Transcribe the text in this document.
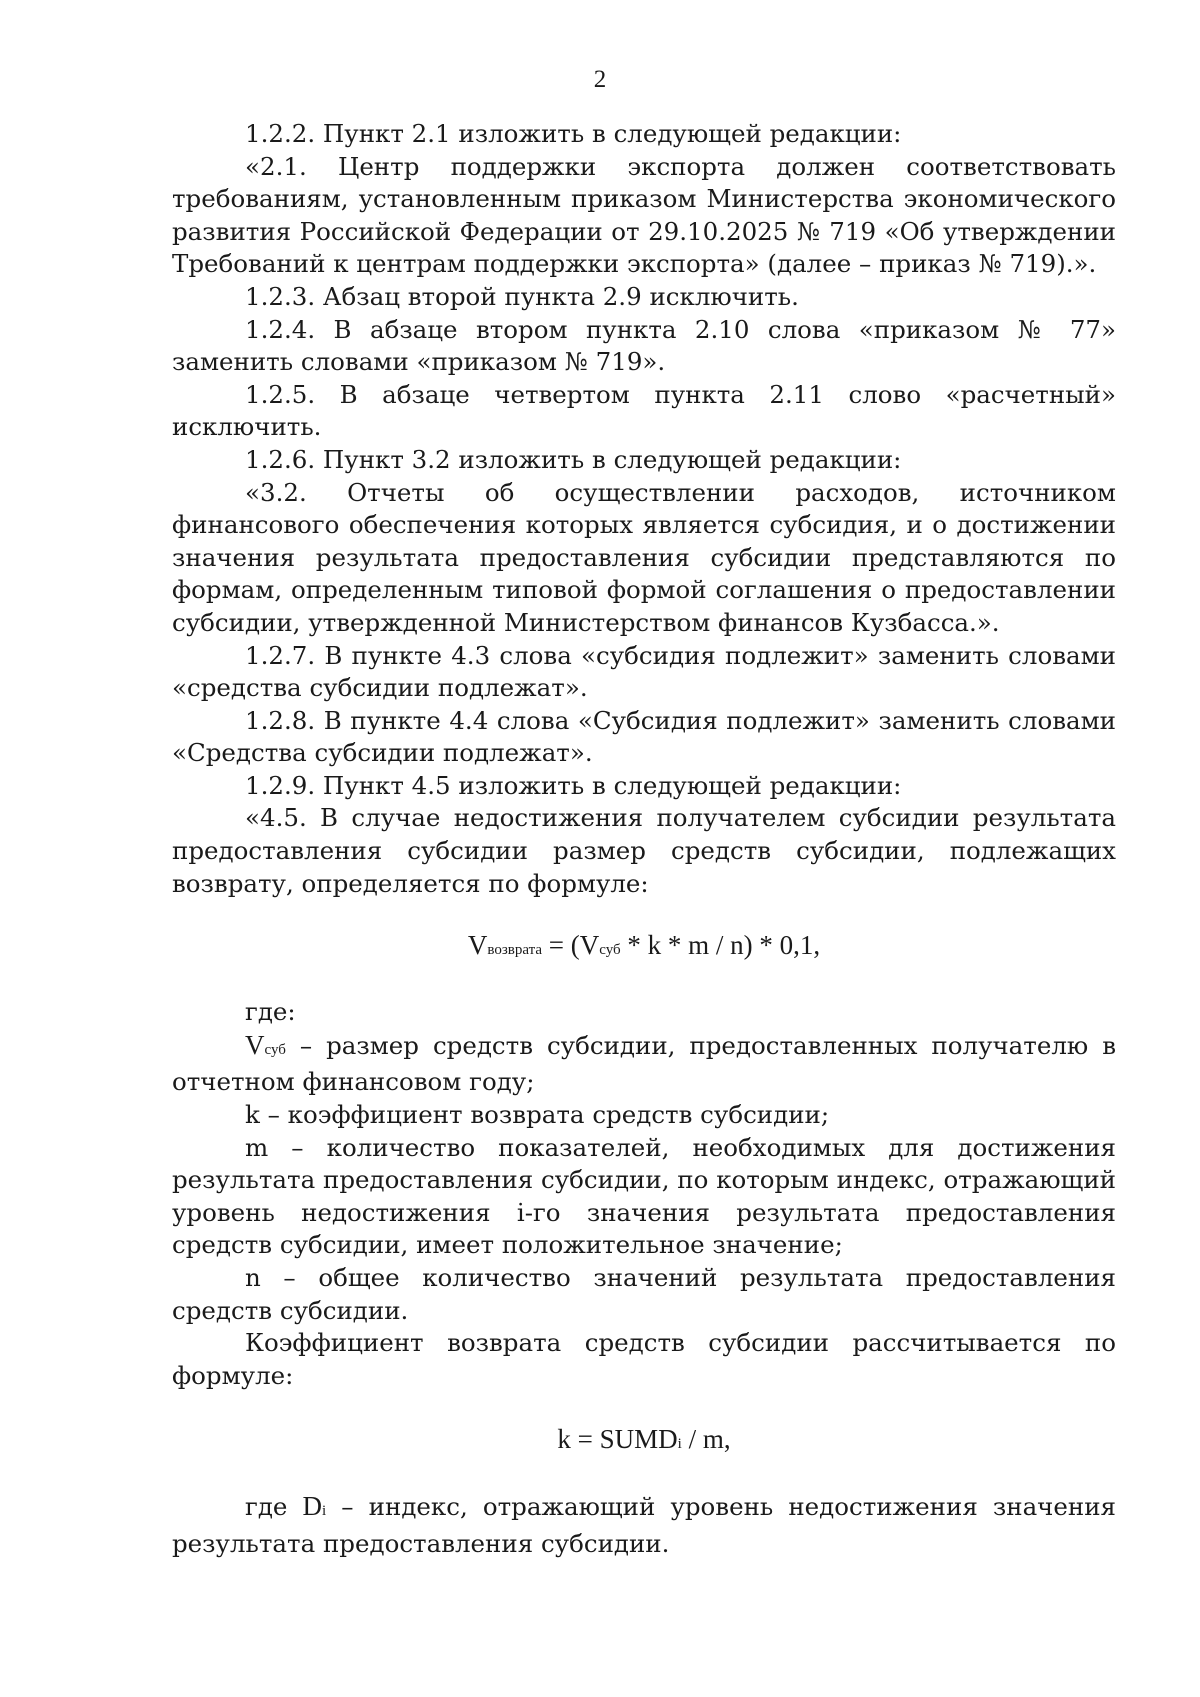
2

1.2.2. Пункт 2.1 изложить в следующей редакции:

«2.1. Центр поддержки экспорта должен соответствовать требованиям, установленным приказом Министерства экономического развития Российской Федерации от 29.10.2025 № 719 «Об утверждении Требований к центрам поддержки экспорта» (далее – приказ № 719).».

1.2.3. Абзац второй пункта 2.9 исключить.

1.2.4. В абзаце втором пункта 2.10 слова «приказом № 77» заменить словами «приказом № 719».

1.2.5. В абзаце четвертом пункта 2.11 слово «расчетный» исключить.

1.2.6. Пункт 3.2 изложить в следующей редакции:

«3.2. Отчеты об осуществлении расходов, источником финансового обеспечения которых является субсидия, и о достижении значения результата предоставления субсидии представляются по формам, определенным типовой формой соглашения о предоставлении субсидии, утвержденной Министерством финансов Кузбасса.».

1.2.7. В пункте 4.3 слова «субсидия подлежит» заменить словами «средства субсидии подлежат».

1.2.8. В пункте 4.4 слова «Субсидия подлежит» заменить словами «Средства субсидии подлежат».

1.2.9. Пункт 4.5 изложить в следующей редакции:

«4.5. В случае недостижения получателем субсидии результата предоставления субсидии размер средств субсидии, подлежащих возврату, определяется по формуле:

Vвозврата = (Vсуб * k * m / n) * 0,1,

где:

Vсуб – размер средств субсидии, предоставленных получателю в отчетном финансовом году;

k – коэффициент возврата средств субсидии;

m – количество показателей, необходимых для достижения результата предоставления субсидии, по которым индекс, отражающий уровень недостижения i-го значения результата предоставления средств субсидии, имеет положительное значение;

n – общее количество значений результата предоставления средств субсидии.

Коэффициент возврата средств субсидии рассчитывается по формуле:

k = SUMDi / m,

где Di – индекс, отражающий уровень недостижения значения результата предоставления субсидии.
